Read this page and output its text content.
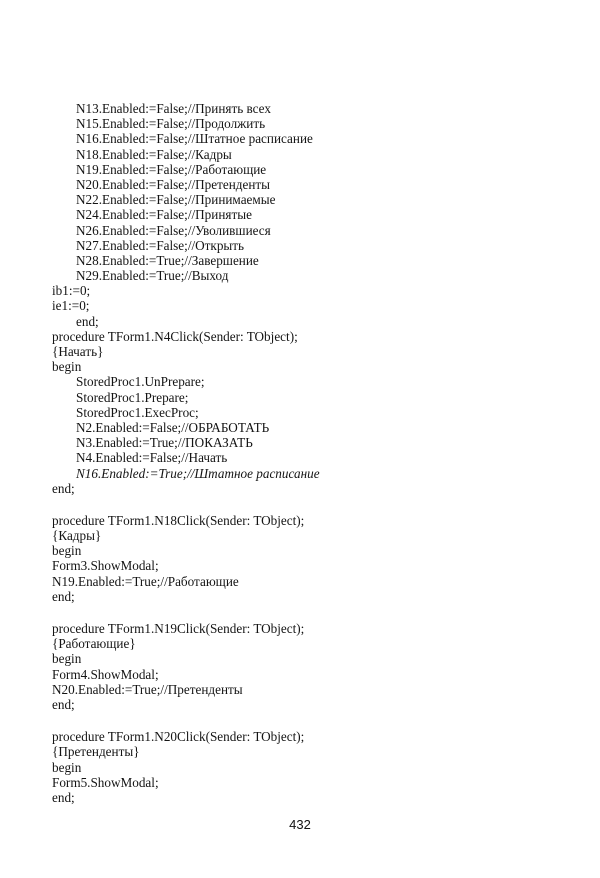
N13.Enabled:=False;//Принять всех
N15.Enabled:=False;//Продолжить
N16.Enabled:=False;//Штатное расписание
N18.Enabled:=False;//Кадры
N19.Enabled:=False;//Работающие
N20.Enabled:=False;//Претенденты
N22.Enabled:=False;//Принимаемые
N24.Enabled:=False;//Принятые
N26.Enabled:=False;//Уволившиеся
N27.Enabled:=False;//Открыть
N28.Enabled:=True;//Завершение
N29.Enabled:=True;//Выход
ib1:=0;
ie1:=0;
end;
procedure TForm1.N4Click(Sender: TObject);
{Начать}
begin
StoredProc1.UnPrepare;
StoredProc1.Prepare;
StoredProc1.ExecProc;
N2.Enabled:=False;//ОБРАБОТАТЬ
N3.Enabled:=True;//ПОКАЗАТЬ
N4.Enabled:=False;//Начать
N16.Enabled:=True;//Штатное расписание
end;
procedure TForm1.N18Click(Sender: TObject);
{Кадры}
begin
Form3.ShowModal;
N19.Enabled:=True;//Работающие
end;
procedure TForm1.N19Click(Sender: TObject);
{Работающие}
begin
Form4.ShowModal;
N20.Enabled:=True;//Претенденты
end;
procedure TForm1.N20Click(Sender: TObject);
{Претенденты}
begin
Form5.ShowModal;
end;
432
